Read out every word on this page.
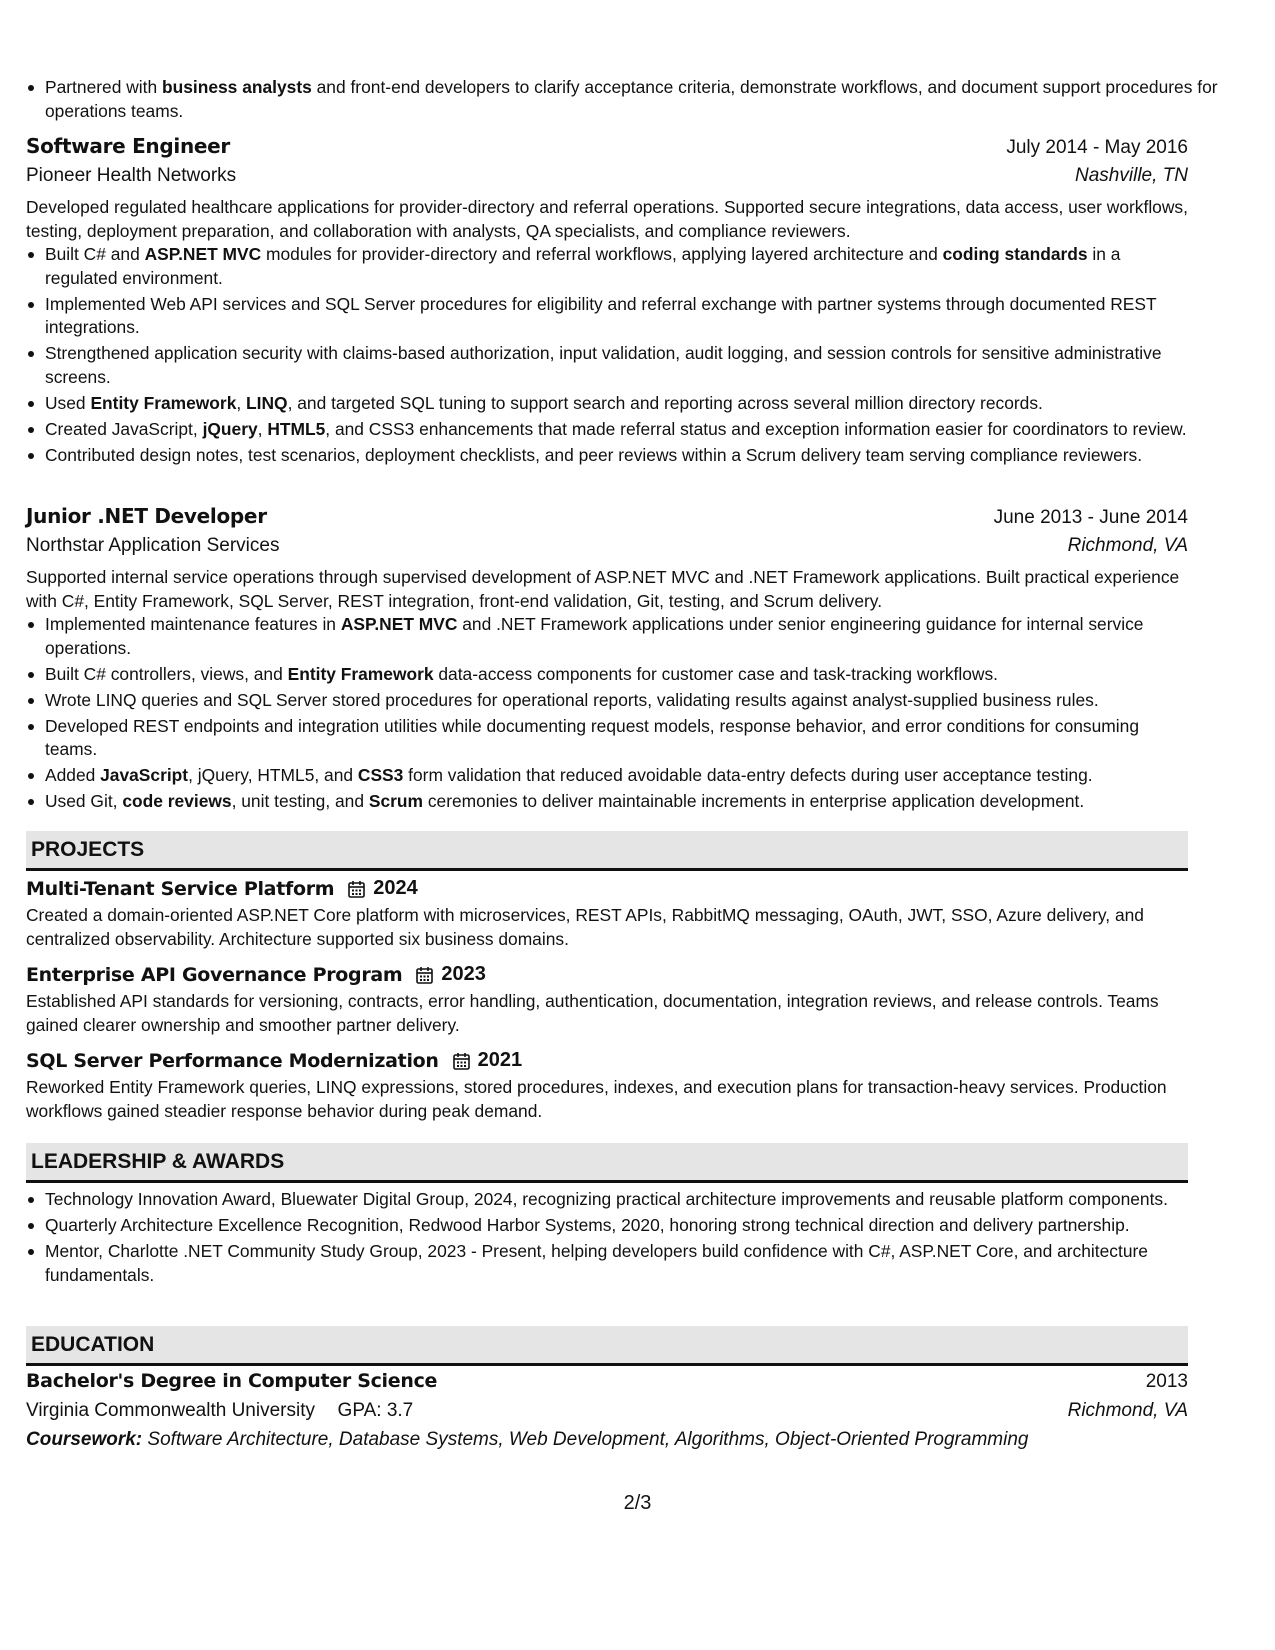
Partnered with business analysts and front-end developers to clarify acceptance criteria, demonstrate workflows, and document support procedures for operations teams.
Software Engineer	July 2014 - May 2016
Pioneer Health Networks	Nashville, TN

Developed regulated healthcare applications for provider-directory and referral operations. Supported secure integrations, data access, user workflows, testing, deployment preparation, and collaboration with analysts, QA specialists, and compliance reviewers.

Built C# and ASP.NET MVC modules for provider-directory and referral workflows, applying layered architecture and coding standards in a regulated environment.
Implemented Web API services and SQL Server procedures for eligibility and referral exchange with partner systems through documented REST integrations.
Strengthened application security with claims-based authorization, input validation, audit logging, and session controls for sensitive administrative screens.
Used Entity Framework, LINQ, and targeted SQL tuning to support search and reporting across several million directory records.
Created JavaScript, jQuery, HTML5, and CSS3 enhancements that made referral status and exception information easier for coordinators to review.
Contributed design notes, test scenarios, deployment checklists, and peer reviews within a Scrum delivery team serving compliance reviewers.
Junior .NET Developer	June 2013 - June 2014
Northstar Application Services	Richmond, VA

Supported internal service operations through supervised development of ASP.NET MVC and .NET Framework applications. Built practical experience with C#, Entity Framework, SQL Server, REST integration, front-end validation, Git, testing, and Scrum delivery.

Implemented maintenance features in ASP.NET MVC and .NET Framework applications under senior engineering guidance for internal service operations.
Built C# controllers, views, and Entity Framework data-access components for customer case and task-tracking workflows.
Wrote LINQ queries and SQL Server stored procedures for operational reports, validating results against analyst-supplied business rules.
Developed REST endpoints and integration utilities while documenting request models, response behavior, and error conditions for consuming teams.
Added JavaScript, jQuery, HTML5, and CSS3 form validation that reduced avoidable data-entry defects during user acceptance testing.
Used Git, code reviews, unit testing, and Scrum ceremonies to deliver maintainable increments in enterprise application development.
PROJECTS
Multi-Tenant Service Platform 2024

Created a domain-oriented ASP.NET Core platform with microservices, REST APIs, RabbitMQ messaging, OAuth, JWT, SSO, Azure delivery, and centralized observability. Architecture supported six business domains.

Enterprise API Governance Program 2023

Established API standards for versioning, contracts, error handling, authentication, documentation, integration reviews, and release controls. Teams gained clearer ownership and smoother partner delivery.

SQL Server Performance Modernization 2021

Reworked Entity Framework queries, LINQ expressions, stored procedures, indexes, and execution plans for transaction-heavy services. Production workflows gained steadier response behavior during peak demand.

LEADERSHIP & AWARDS
Technology Innovation Award, Bluewater Digital Group, 2024, recognizing practical architecture improvements and reusable platform components.
Quarterly Architecture Excellence Recognition, Redwood Harbor Systems, 2020, honoring strong technical direction and delivery partnership.
Mentor, Charlotte .NET Community Study Group, 2023 - Present, helping developers build confidence with C#, ASP.NET Core, and architecture fundamentals.
EDUCATION
Bachelor's Degree in Computer Science	2013
Virginia Commonwealth University GPA: 3.7	Richmond, VA
Coursework: Software Architecture, Database Systems, Web Development, Algorithms, Object-Oriented Programming
2/3
